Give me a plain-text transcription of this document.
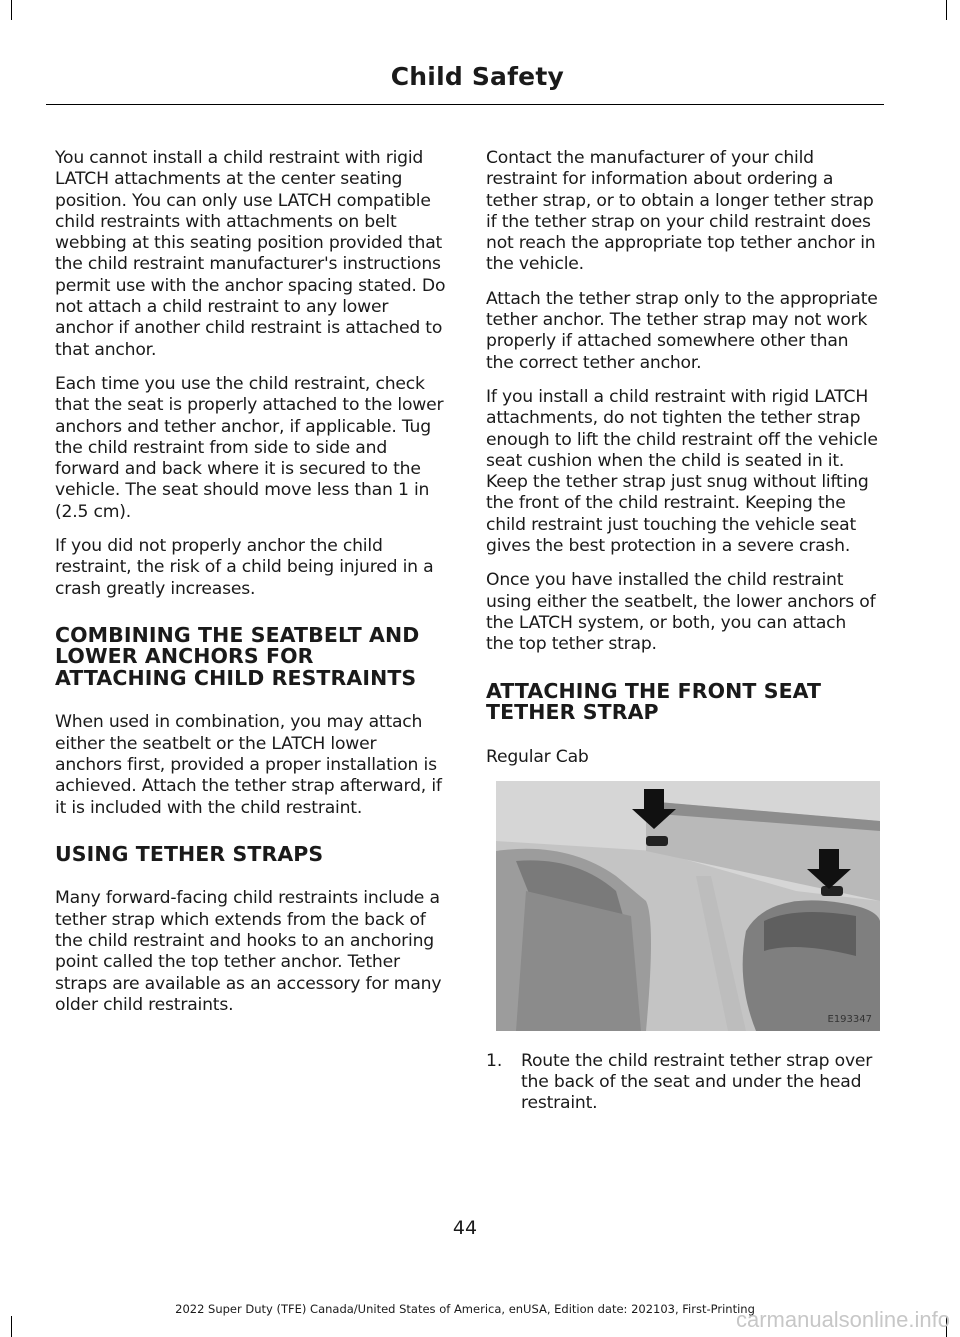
Child Safety

You cannot install a child restraint with rigid LATCH attachments at the center seating position. You can only use LATCH compatible child restraints with attachments on belt webbing at this seating position provided that the child restraint manufacturer's instructions permit use with the anchor spacing stated. Do not attach a child restraint to any lower anchor if another child restraint is attached to that anchor.

Each time you use the child restraint, check that the seat is properly attached to the lower anchors and tether anchor, if applicable. Tug the child restraint from side to side and forward and back where it is secured to the vehicle. The seat should move less than 1 in (2.5 cm).

If you did not properly anchor the child restraint, the risk of a child being injured in a crash greatly increases.

COMBINING THE SEATBELT AND LOWER ANCHORS FOR ATTACHING CHILD RESTRAINTS

When used in combination, you may attach either the seatbelt or the LATCH lower anchors first, provided a proper installation is achieved. Attach the tether strap afterward, if it is included with the child restraint.

USING TETHER STRAPS

Many forward-facing child restraints include a tether strap which extends from the back of the child restraint and hooks to an anchoring point called the top tether anchor. Tether straps are available as an accessory for many older child restraints.

Contact the manufacturer of your child restraint for information about ordering a tether strap, or to obtain a longer tether strap if the tether strap on your child restraint does not reach the appropriate top tether anchor in the vehicle.

Attach the tether strap only to the appropriate tether anchor. The tether strap may not work properly if attached somewhere other than the correct tether anchor.

If you install a child restraint with rigid LATCH attachments, do not tighten the tether strap enough to lift the child restraint off the vehicle seat cushion when the child is seated in it. Keep the tether strap just snug without lifting the front of the child restraint. Keeping the child restraint just touching the vehicle seat gives the best protection in a severe crash.

Once you have installed the child restraint using either the seatbelt, the lower anchors of the LATCH system, or both, you can attach the top tether strap.

ATTACHING THE FRONT SEAT TETHER STRAP

Regular Cab

E193347
1. Route the child restraint tether strap over the back of the seat and under the head restraint.

44
2022 Super Duty (TFE) Canada/United States of America, enUSA, Edition date: 202103, First-Printing
carmanualsonline.info
